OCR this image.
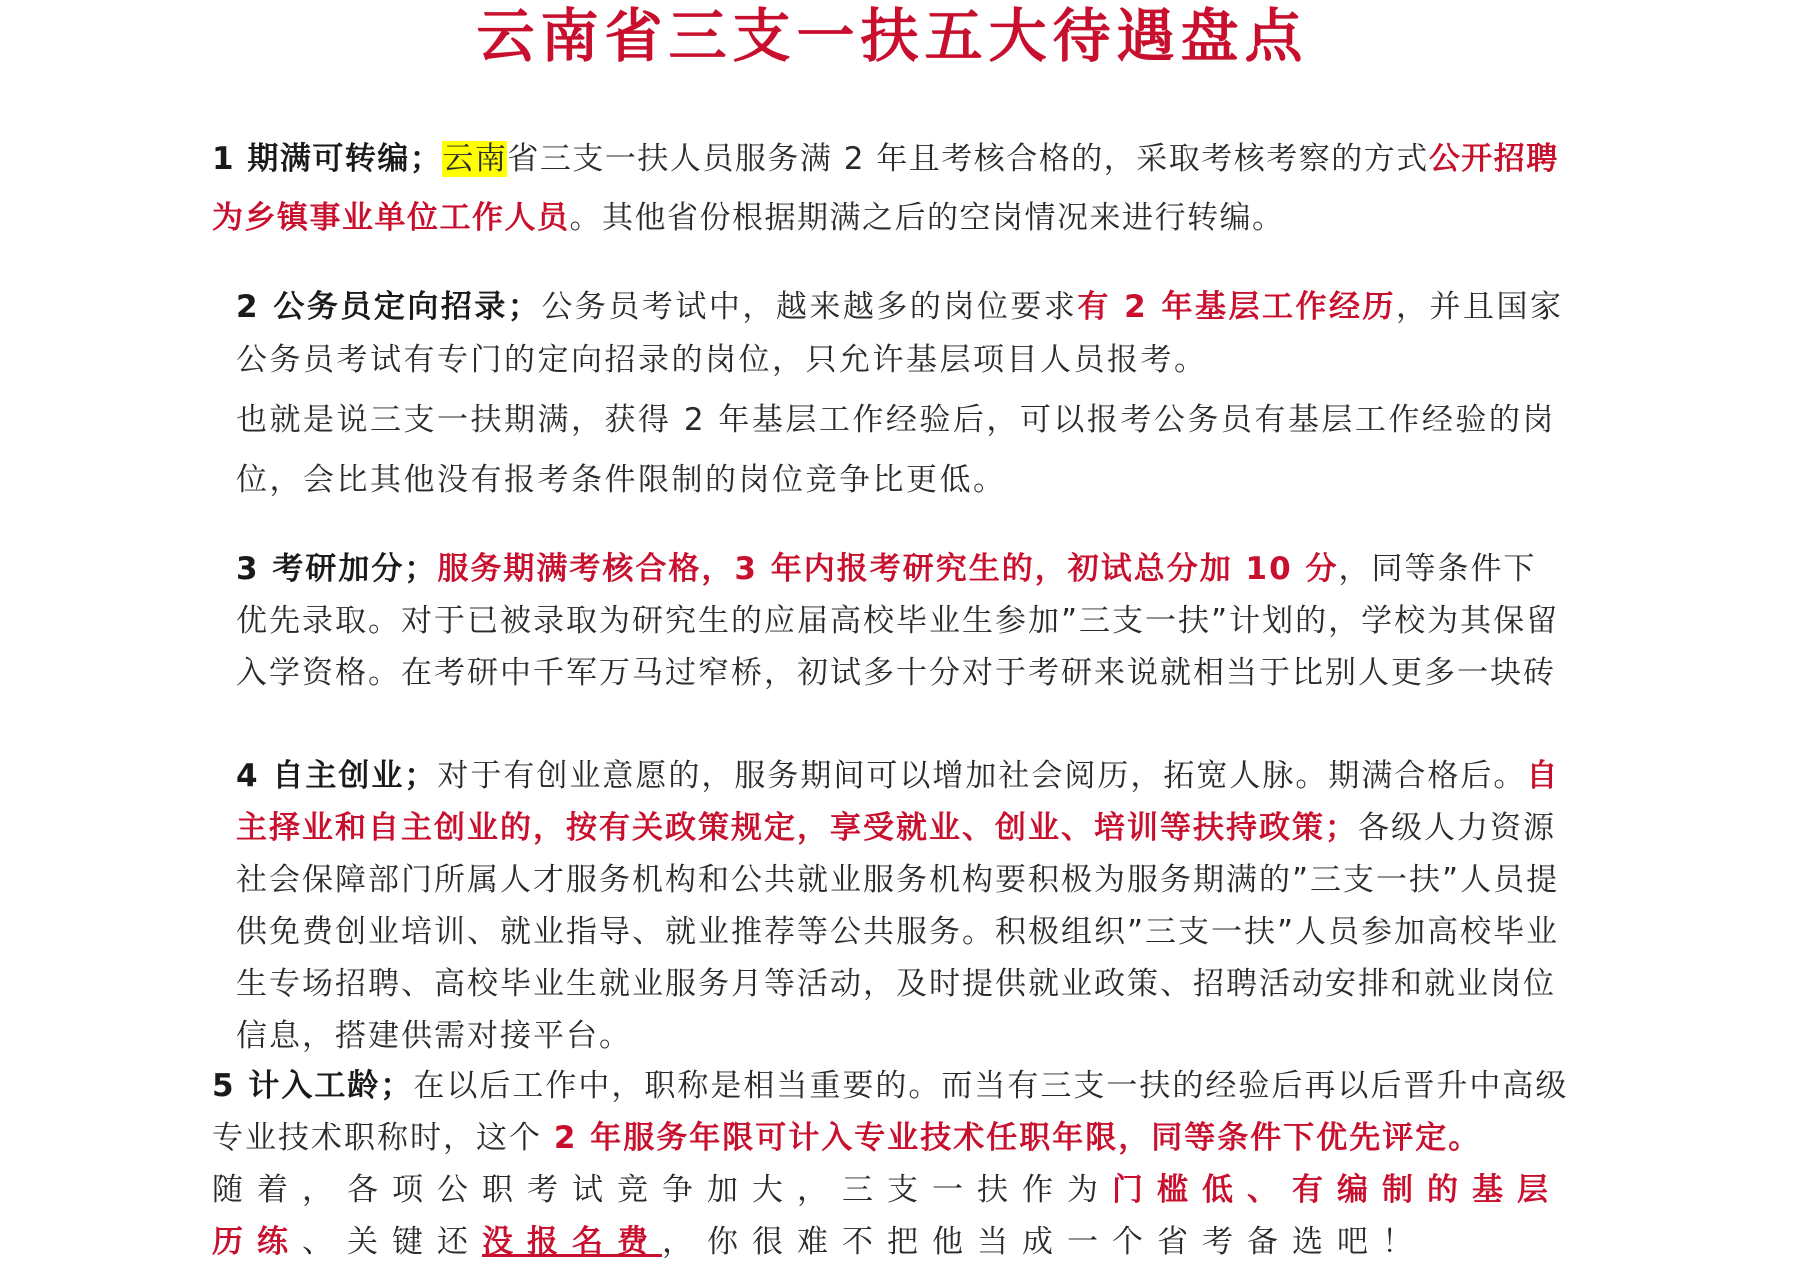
云南省三支一扶五大待遇盘点
1 期满可转编；云南省三支一扶人员服务满 2 年且考核合格的，采取考核考察的方式公开招聘为乡镇事业单位工作人员。其他省份根据期满之后的空岗情况来进行转编。
2 公务员定向招录；公务员考试中，越来越多的岗位要求有 2 年基层工作经历，并且国家公务员考试有专门的定向招录的岗位，只允许基层项目人员报考。
也就是说三支一扶期满，获得 2 年基层工作经验后，可以报考公务员有基层工作经验的岗位，会比其他没有报考条件限制的岗位竞争比更低。
3 考研加分；服务期满考核合格，3 年内报考研究生的，初试总分加 10 分，同等条件下优先录取。对于已被录取为研究生的应届高校毕业生参加”三支一扶”计划的，学校为其保留入学资格。在考研中千军万马过窄桥，初试多十分对于考研来说就相当于比别人更多一块砖
4 自主创业；对于有创业意愿的，服务期间可以增加社会阅历，拓宽人脉。期满合格后。自主择业和自主创业的，按有关政策规定，享受就业、创业、培训等扶持政策；各级人力资源社会保障部门所属人才服务机构和公共就业服务机构要积极为服务期满的”三支一扶”人员提供免费创业培训、就业指导、就业推荐等公共服务。积极组织”三支一扶”人员参加高校毕业生专场招聘、高校毕业生就业服务月等活动，及时提供就业政策、招聘活动安排和就业岗位信息，搭建供需对接平台。
5 计入工龄；在以后工作中，职称是相当重要的。而当有三支一扶的经验后再以后晋升中高级专业技术职称时，这个 2 年服务年限可计入专业技术任职年限，同等条件下优先评定。
随着，各项公职考试竞争加大，三支一扶作为门槛低、有编制的基层历练、关键还没报名费，你很难不把他当成一个省考备选吧！
